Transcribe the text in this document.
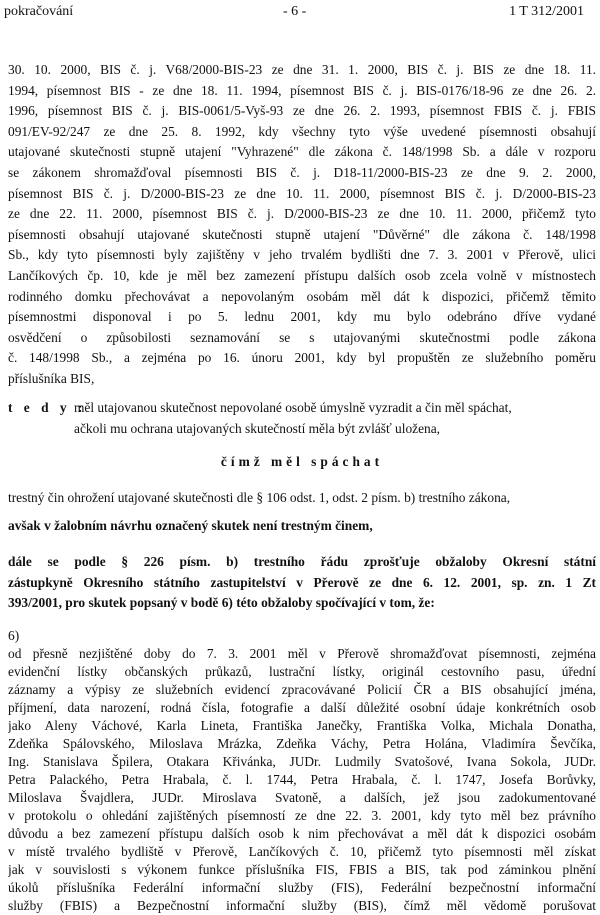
pokračování	- 6 -	1 T 312/2001
30. 10. 2000, BIS č. j. V68/2000-BIS-23 ze dne 31. 1. 2000, BIS č. j. BIS ze dne 18. 11.
1994, písemnost BIS - ze dne 18. 11. 1994, písemnost BIS č. j. BIS-0176/18-96 ze dne 26. 2.
1996, písemnost BIS č. j. BIS-0061/5-Vyš-93 ze dne 26. 2. 1993, písemnost FBIS č. j. FBIS
091/EV-92/247 ze dne 25. 8. 1992, kdy všechny tyto výše uvedené písemnosti obsahují
utajované skutečnosti stupně utajení "Vyhrazené" dle zákona č. 148/1998 Sb. a dále v rozporu
se zákonem shromažďoval písemnosti BIS č. j. D18-11/2000-BIS-23 ze dne 9. 2. 2000,
písemnost BIS č. j. D/2000-BIS-23 ze dne 10. 11. 2000, písemnost BIS č. j. D/2000-BIS-23
ze dne 22. 11. 2000, písemnost BIS č. j. D/2000-BIS-23 ze dne 10. 11. 2000, přičemž tyto
písemnosti obsahují utajované skutečnosti stupně utajení "Důvěrné" dle zákona č. 148/1998
Sb., kdy tyto písemnosti byly zajištěny v jeho trvalém bydlišti dne 7. 3. 2001 v Přerově, ulici
Lančíkových čp. 10, kde je měl bez zamezení přístupu dalších osob zcela volně v místnostech
rodinného domku přechovávat a nepovolaným osobám měl dát k dispozici, přičemž těmito
písemnostmi disponoval i po 5. lednu 2001, kdy mu bylo odebráno dříve vydané
osvědčení o způsobilosti seznamování se s utajovanými skutečnostmi podle zákona
č. 148/1998 Sb., a zejména po 16. únoru 2001, kdy byl propuštěn ze služebního poměru
příslušníka BIS,
t e d y :
měl utajovanou skutečnost nepovolané osobě úmyslně vyzradit a čin měl spáchat,
ačkoli mu ochrana utajovaných skutečností měla být zvlášť uložena,
čímž měl spáchat
trestný čin ohrožení utajované skutečnosti dle § 106 odst. 1, odst. 2 písm. b) trestního zákona,
avšak v žalobním návrhu označený skutek není trestným činem,
dále se podle § 226 písm. b) trestního řádu zprošťuje obžaloby Okresní státní
zástupkyně Okresního státního zastupitelství v Přerově ze dne 6. 12. 2001, sp. zn. 1 Zt
393/2001, pro skutek popsaný v bodě 6) této obžaloby spočívající v tom, že:
6)
od přesně nezjištěné doby do 7. 3. 2001 měl v Přerově shromažďovat písemnosti, zejména
evidenční lístky občanských průkazů, lustrační lístky, originál cestovního pasu, úřední
záznamy a výpisy ze služebních evidencí zpracovávané Policií ČR a BIS obsahující jména,
příjmení, data narození, rodná čísla, fotografie a další důležité osobní údaje konkrétních osob
jako Aleny Váchové, Karla Lineta, Františka Janečky, Františka Volka, Michala Donatha,
Zdeňka Spálovského, Miloslava Mrázka, Zdeňka Váchy, Petra Holána, Vladimíra Ševčíka,
Ing. Stanislava Špilera, Otakara Křivánka, JUDr. Ludmily Svatošové, Ivana Sokola, JUDr.
Petra Palackého, Petra Hrabala, č. l. 1744, Petra Hrabala, č. l. 1747, Josefa Borůvky,
Miloslava Švajdlera, JUDr. Miroslava Svatoně, a dalších, jež jsou zadokumentované
v protokolu o ohledání zajištěných písemností ze dne 22. 3. 2001, kdy tyto měl bez právního
důvodu a bez zamezení přístupu dalších osob k nim přechovávat a měl dát k dispozici osobám
v místě trvalého bydliště v Přerově, Lančíkových č. 10, přičemž tyto písemnosti měl získat
jak v souvislosti s výkonem funkce příslušníka FIS, FBIS a BIS, tak pod záminkou plnění
úkolů příslušníka Federální informační služby (FIS), Federální bezpečnostní informační
služby (FBIS) a Bezpečnostní informační služby (BIS), čímž měl vědomě porušovat
